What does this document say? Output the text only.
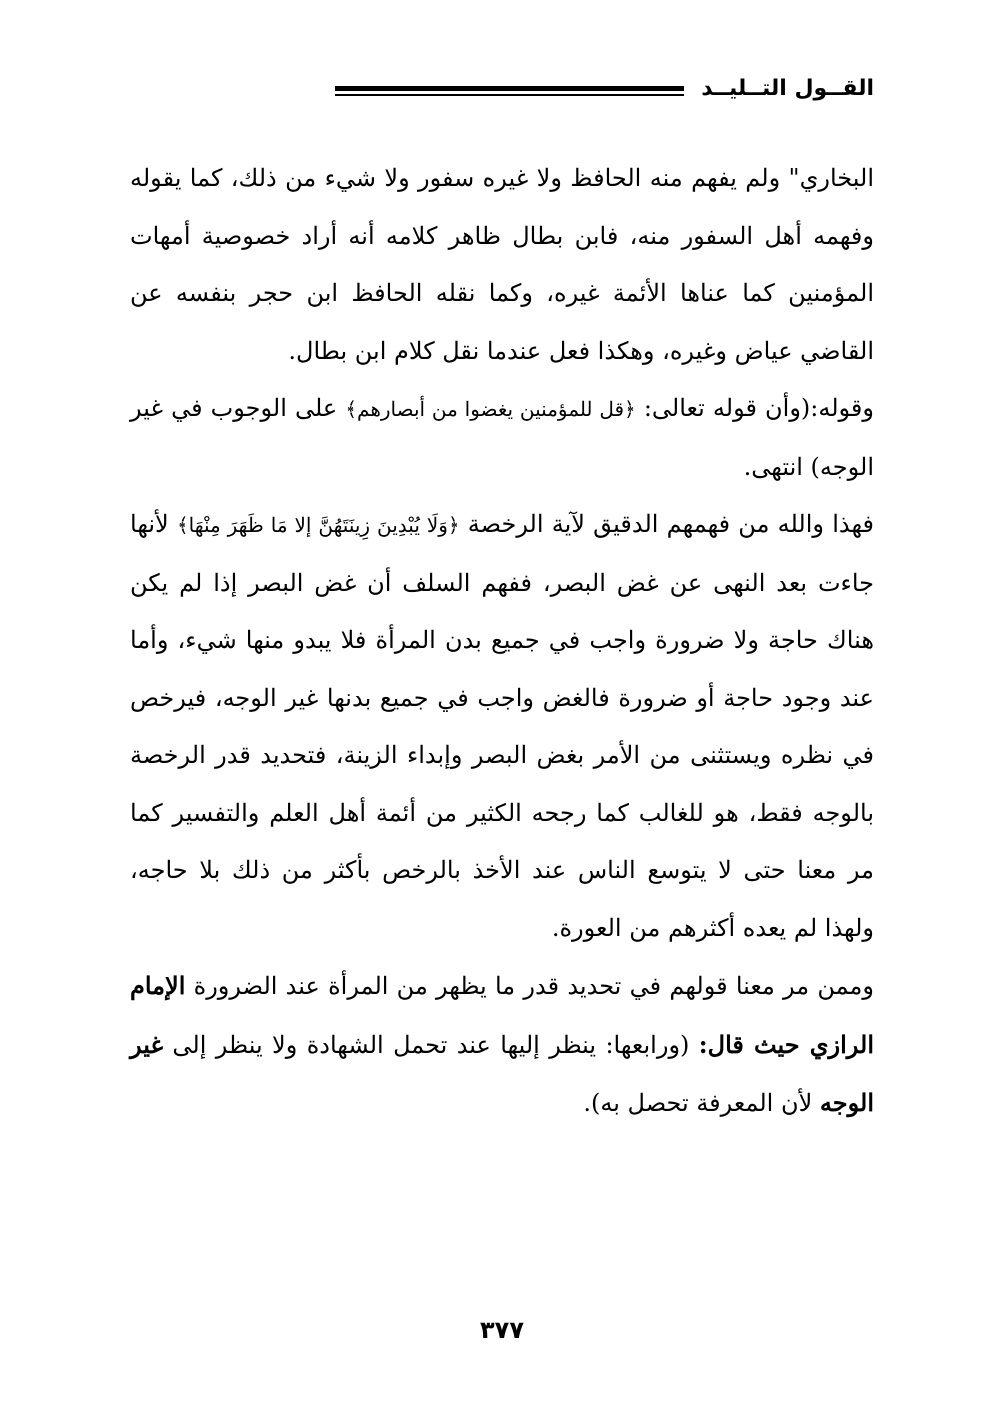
القــول التــليــد

البخاري" ولم يفهم منه الحافظ ولا غيره سفور ولا شيء من ذلك، كما يقوله وفهمه أهل السفور منه، فابن بطال ظاهر كلامه أنه أراد خصوصية أمهات المؤمنين كما عناها الأئمة غيره، وكما نقله الحافظ ابن حجر بنفسه عن القاضي عياض وغيره، وهكذا فعل عندما نقل كلام ابن بطال.

وقوله:(وأن قوله تعالى: ﴿قل للمؤمنين يغضوا من أبصارهم﴾ على الوجوب في غير الوجه) انتهى.

فهذا والله من فهمهم الدقيق لآية الرخصة ﴿وَلَا يُبْدِينَ زِينَتَهُنَّ إلا مَا ظَهَرَ مِنْهَا﴾ لأنها جاءت بعد النهى عن غض البصر، ففهم السلف أن غض البصر إذا لم يكن هناك حاجة ولا ضرورة واجب في جميع بدن المرأة فلا يبدو منها شيء، وأما عند وجود حاجة أو ضرورة فالغض واجب في جميع بدنها غير الوجه، فيرخص في نظره ويستثنى من الأمر بغض البصر وإبداء الزينة، فتحديد قدر الرخصة بالوجه فقط، هو للغالب كما رجحه الكثير من أئمة أهل العلم والتفسير كما مر معنا حتى لا يتوسع الناس عند الأخذ بالرخص بأكثر من ذلك بلا حاجه، ولهذا لم يعده أكثرهم من العورة.

وممن مر معنا قولهم في تحديد قدر ما يظهر من المرأة عند الضرورة الإمام الرازي حيث قال: (ورابعها: ينظر إليها عند تحمل الشهادة ولا ينظر إلى غير الوجه لأن المعرفة تحصل به).

٣٧٧
